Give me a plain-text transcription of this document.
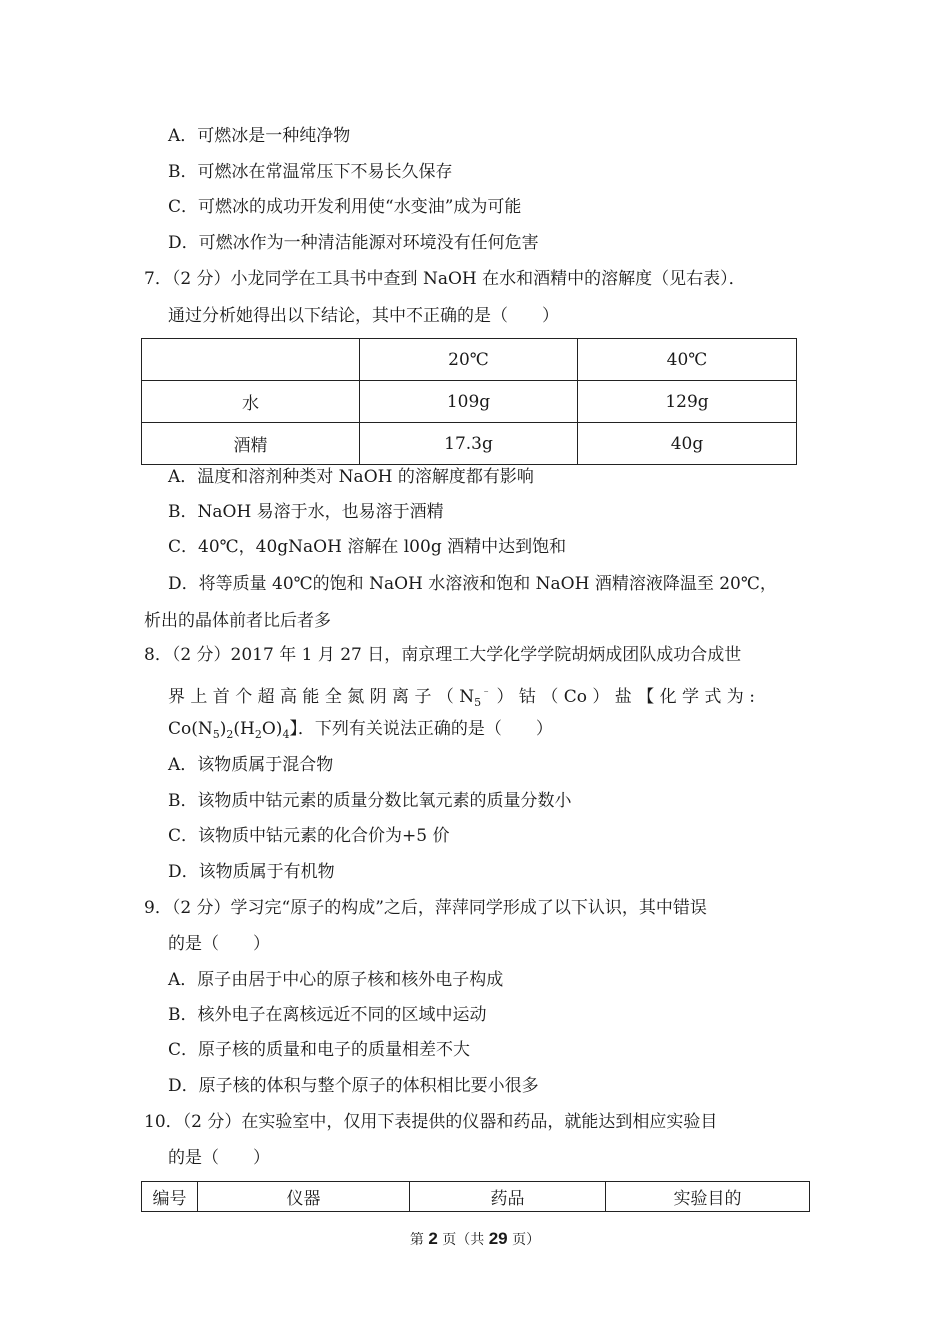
A．可燃冰是一种纯净物
B．可燃冰在常温常压下不易长久保存
C．可燃冰的成功开发利用使“水变油”成为可能
D．可燃冰作为一种清洁能源对环境没有任何危害
7．（2 分）小龙同学在工具书中查到 NaOH 在水和酒精中的溶解度（见右表）．
通过分析她得出以下结论，其中不正确的是（　　）
	20℃	40℃
水	109g	129g
酒精	17.3g	40g
A．温度和溶剂种类对 NaOH 的溶解度都有影响
B．NaOH 易溶于水，也易溶于酒精
C．40℃，40gNaOH 溶解在 l00g 酒精中达到饱和
D．将等质量 40℃的饱和 NaOH 水溶液和饱和 NaOH 酒精溶液降温至 20℃，
析出的晶体前者比后者多
8．（2 分）2017 年 1 月 27 日，南京理工大学化学学院胡炳成团队成功合成世
界 上 首 个 超 高 能 全 氮 阴 离 子 （ $N_5^﹣$ ） 钴 （ Co ） 盐 【 化 学 式 为 :
$Co(N_5)_2(H_2O)_4$】．下列有关说法正确的是（　　）
A．该物质属于混合物
B．该物质中钴元素的质量分数比氧元素的质量分数小
C．该物质中钴元素的化合价为+5 价
D．该物质属于有机物
9．（2 分）学习完“原子的构成”之后，萍萍同学形成了以下认识，其中错误
的是（　　）
A．原子由居于中心的原子核和核外电子构成
B．核外电子在离核远近不同的区域中运动
C．原子核的质量和电子的质量相差不大
D．原子核的体积与整个原子的体积相比要小很多
10．（2 分）在实验室中，仅用下表提供的仪器和药品，就能达到相应实验目
的是（　　）
编号	仪器	药品	实验目的
第 2 页（共 29 页）
